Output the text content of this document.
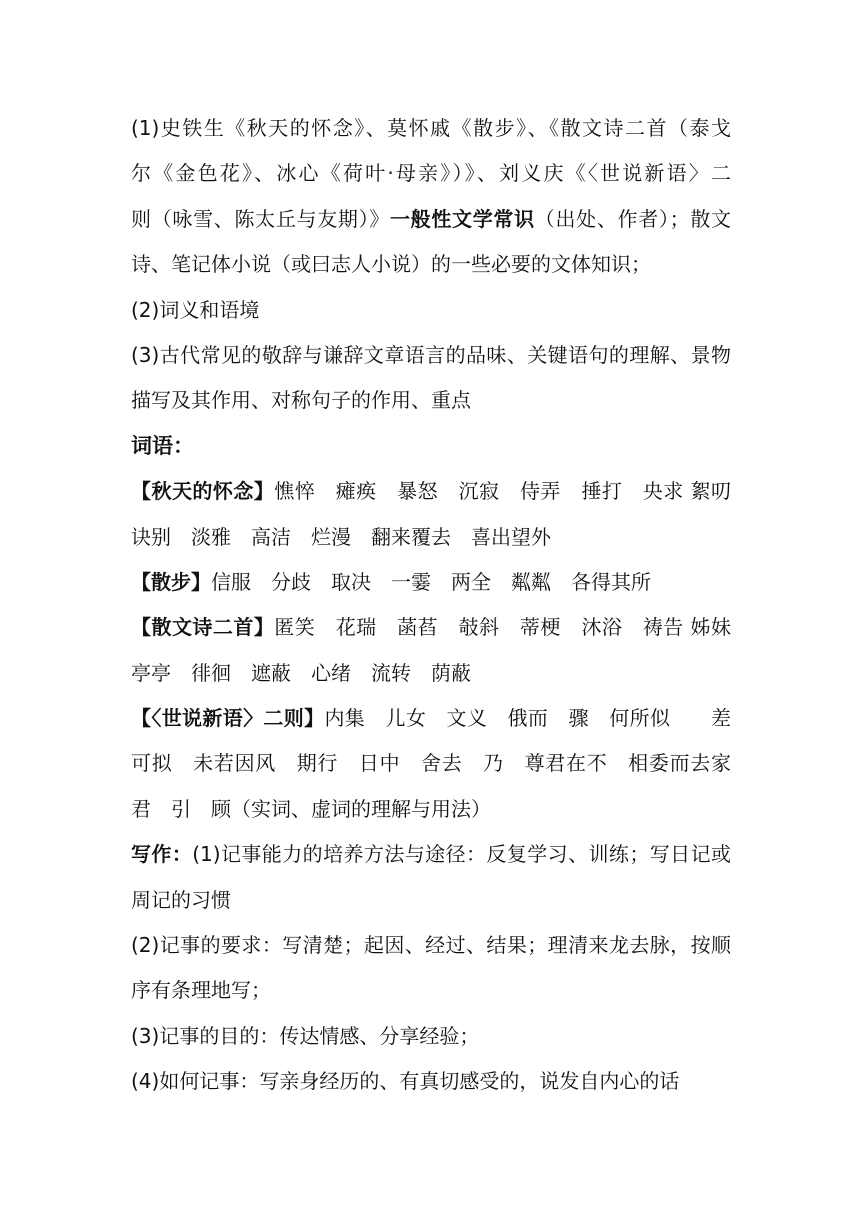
(1)史铁生《秋天的怀念》、莫怀戚《散步》、《散文诗二首（泰戈
尔《金色花》、冰心《荷叶·母亲》）》、刘义庆《〈世说新语〉二
则（咏雪、陈太丘与友期）》一般性文学常识（出处、作者）；散文
诗、笔记体小说（或曰志人小说）的一些必要的文体知识；
(2)词义和语境
(3)古代常见的敬辞与谦辞文章语言的品味、关键语句的理解、景物
描写及其作用、对称句子的作用、重点
词语：
【秋天的怀念】憔悴　瘫痪　暴怒　沉寂　侍弄　捶打　央求 絮叨
诀别　淡雅　高洁　烂漫　翻来覆去　喜出望外
【散步】信服　分歧　取决　一霎　两全　粼粼　各得其所
【散文诗二首】匿笑　花瑞　菡萏　攲斜　蒂梗　沐浴　祷告 姊妹
亭亭　徘徊　遮蔽　心绪　流转　荫蔽
【〈世说新语〉二则】内集　儿女　文义　俄而　骤　何所似　　差
可拟　未若因风　期行　日中　舍去　乃　尊君在不　相委而去家
君　引　顾（实词、虚词的理解与用法）
写作：(1)记事能力的培养方法与途径：反复学习、训练；写日记或
周记的习惯
(2)记事的要求：写清楚；起因、经过、结果；理清来龙去脉，按顺
序有条理地写；
(3)记事的目的：传达情感、分享经验；
(4)如何记事：写亲身经历的、有真切感受的，说发自内心的话
